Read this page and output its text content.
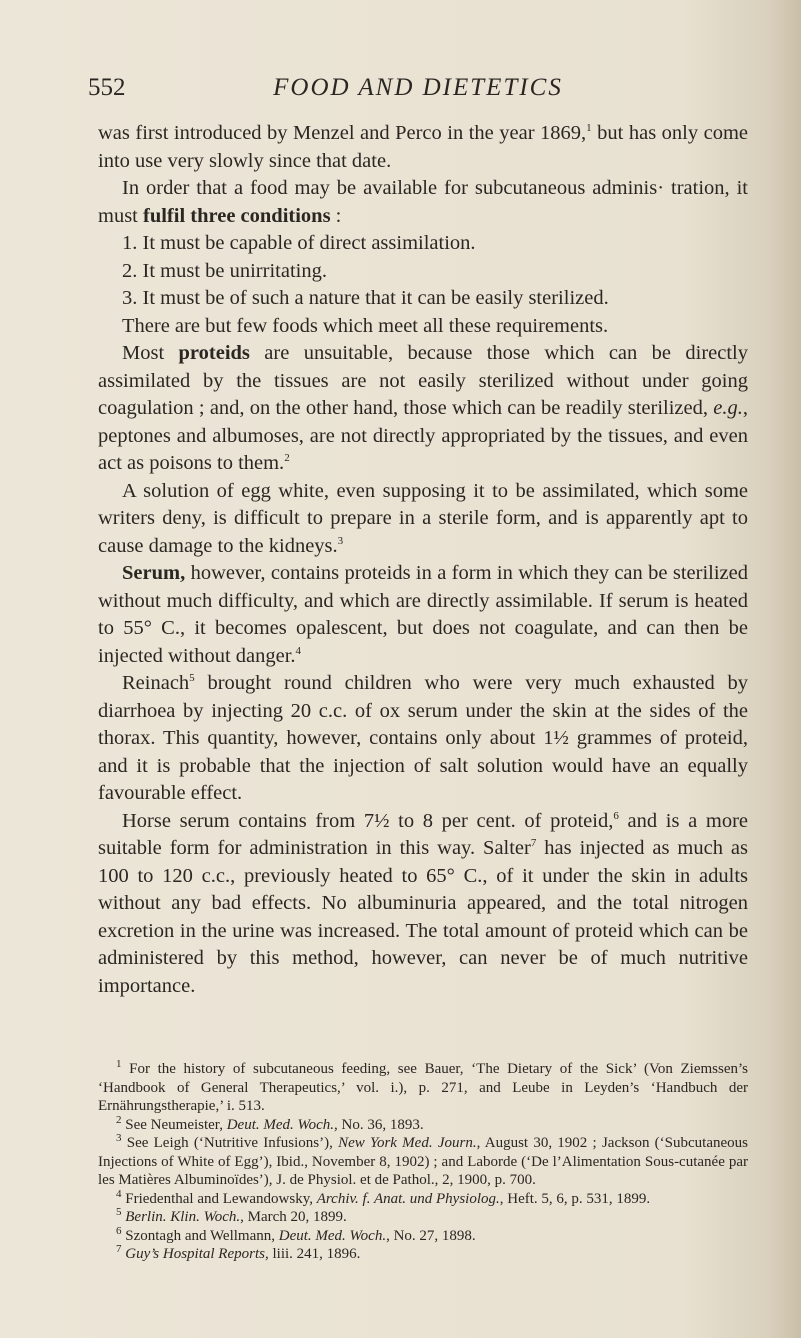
552	FOOD AND DIETETICS

was first introduced by Menzel and Perco in the year 1869,$^1$ but has only come into use very slowly since that date.

In order that a food may be available for subcutaneous adminis· tration, it must fulfil three conditions :

1. It must be capable of direct assimilation.

2. It must be unirritating.

3. It must be of such a nature that it can be easily sterilized.

There are but few foods which meet all these requirements.

Most proteids are unsuitable, because those which can be directly assimilated by the tissues are not easily sterilized without under going coagulation ; and, on the other hand, those which can be readily sterilized, e.g., peptones and albumoses, are not directly appropriated by the tissues, and even act as poisons to them.$^2$

A solution of egg white, even supposing it to be assimilated, which some writers deny, is difficult to prepare in a sterile form, and is apparently apt to cause damage to the kidneys.$^3$

Serum, however, contains proteids in a form in which they can be sterilized without much difficulty, and which are directly assimilable. If serum is heated to 55° C., it becomes opalescent, but does not coagulate, and can then be injected without danger.$^4$

Reinach$^5$ brought round children who were very much exhausted by diarrhoea by injecting 20 c.c. of ox serum under the skin at the sides of the thorax. This quantity, however, contains only about 1½ grammes of proteid, and it is probable that the injection of salt solution would have an equally favourable effect.

Horse serum contains from 7½ to 8 per cent. of proteid,$^6$ and is a more suitable form for administration in this way. Salter$^7$ has injected as much as 100 to 120 c.c., previously heated to 65° C., of it under the skin in adults without any bad effects. No albuminuria appeared, and the total nitrogen excretion in the urine was increased. The total amount of proteid which can be administered by this method, however, can never be of much nutritive importance.

$^1$ For the history of subcutaneous feeding, see Bauer, ‘The Dietary of the Sick’ (Von Ziemssen’s ‘Handbook of General Therapeutics,’ vol. i.), p. 271, and Leube in Leyden’s ‘Handbuch der Ernährungstherapie,’ i. 513.

$^2$ See Neumeister, Deut. Med. Woch., No. 36, 1893.

$^3$ See Leigh (‘Nutritive Infusions’), New York Med. Journ., August 30, 1902 ; Jackson (‘Subcutaneous Injections of White of Egg’), Ibid., November 8, 1902) ; and Laborde (‘De l’Alimentation Sous-cutanée par les Matières Albuminoïdes’), J. de Physiol. et de Pathol., 2, 1900, p. 700.

$^4$ Friedenthal and Lewandowsky, Archiv. f. Anat. und Physiolog., Heft. 5, 6, p. 531, 1899.

$^5$ Berlin. Klin. Woch., March 20, 1899.

$^6$ Szontagh and Wellmann, Deut. Med. Woch., No. 27, 1898.

$^7$ Guy’s Hospital Reports, liii. 241, 1896.
